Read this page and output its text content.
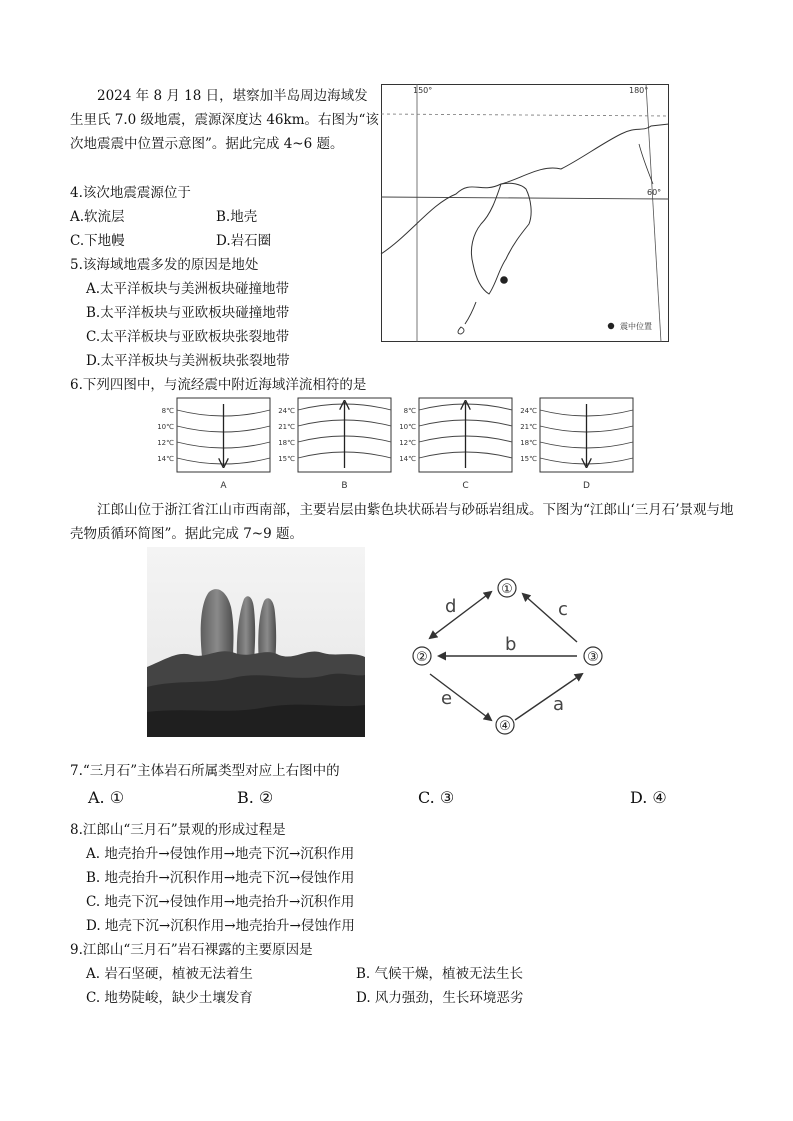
2024 年 8 月 18 日，堪察加半岛周边海域发生里氏 7.0 级地震，震源深度达 46km。右图为“该次地震震中位置示意图”。据此完成 4~6 题。
震中位置
150°	180°
60°
4.该次地震震源位于
A.软流层	B.地壳
C.下地幔	D.岩石圈
5.该海域地震多发的原因是地处
A.太平洋板块与美洲板块碰撞地带
B.太平洋板块与亚欧板块碰撞地带
C.太平洋板块与亚欧板块张裂地带
D.太平洋板块与美洲板块张裂地带
6.下列四图中，与流经震中附近海域洋流相符的是
8℃
10℃
12℃
14℃
A
24℃
21℃
18℃
15℃
B
8℃
10℃
12℃
14℃
C
24℃
21℃
18℃
15℃
D
江郎山位于浙江省江山市西南部，主要岩层由紫色块状砾岩与砂砾岩组成。下图为“江郎山‘三月石’景观与地壳物质循环简图”。据此完成 7~9 题。
①
②	③
④
a
b
c
d
e
7.“三月石”主体岩石所属类型对应上右图中的
A. ①	B. ②	C. ③	D. ④
8.江郎山“三月石”景观的形成过程是
A. 地壳抬升→侵蚀作用→地壳下沉→沉积作用
B. 地壳抬升→沉积作用→地壳下沉→侵蚀作用
C. 地壳下沉→侵蚀作用→地壳抬升→沉积作用
D. 地壳下沉→沉积作用→地壳抬升→侵蚀作用
9.江郎山“三月石”岩石裸露的主要原因是
A. 岩石坚硬，植被无法着生	B. 气候干燥，植被无法生长
C. 地势陡峻，缺少土壤发育	D. 风力强劲，生长环境恶劣
